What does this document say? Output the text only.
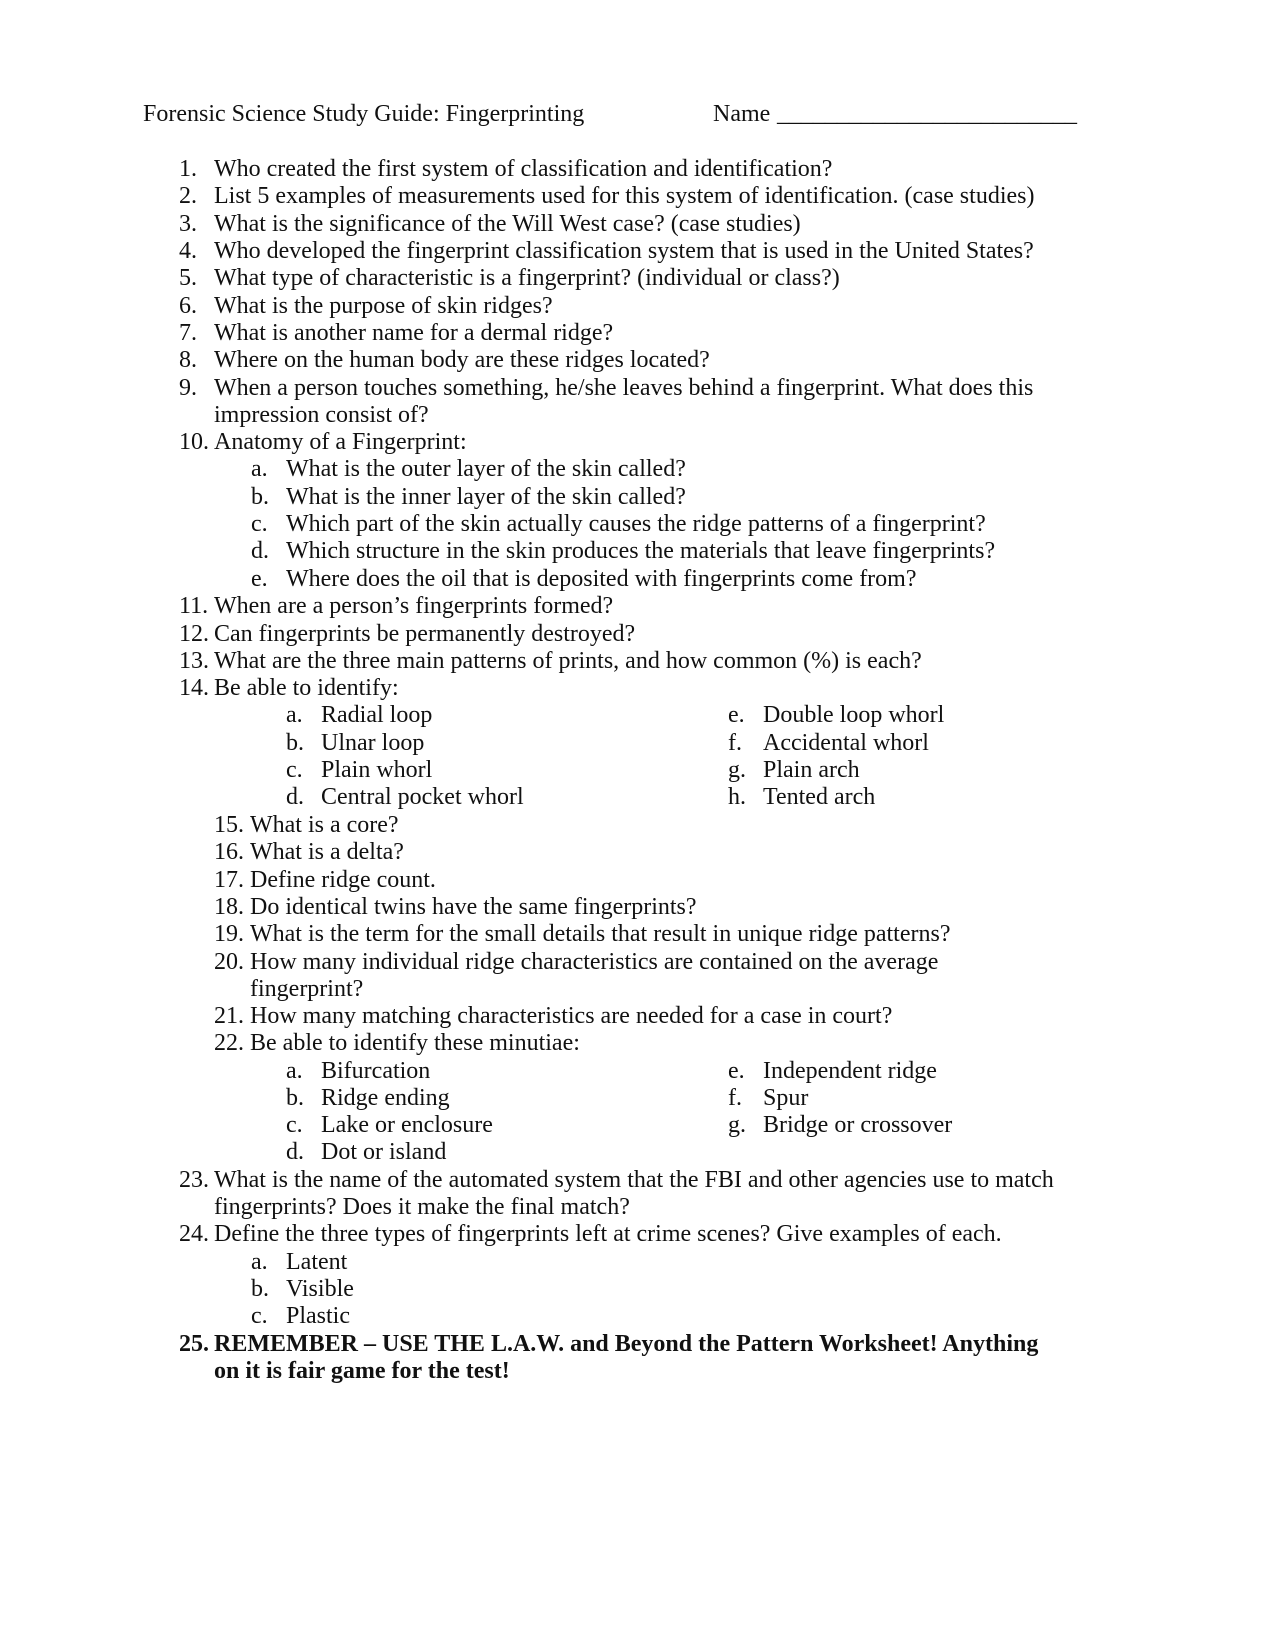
Forensic Science Study Guide: Fingerprinting	Name _________________________
1. Who created the first system of classification and identification?
2. List 5 examples of measurements used for this system of identification. (case studies)
3. What is the significance of the Will West case? (case studies)
4. Who developed the fingerprint classification system that is used in the United States?
5. What type of characteristic is a fingerprint? (individual or class?)
6. What is the purpose of skin ridges?
7. What is another name for a dermal ridge?
8. Where on the human body are these ridges located?
9. When a person touches something, he/she leaves behind a fingerprint. What does this
impression consist of?
10. Anatomy of a Fingerprint:
a. What is the outer layer of the skin called?
b. What is the inner layer of the skin called?
c. Which part of the skin actually causes the ridge patterns of a fingerprint?
d. Which structure in the skin produces the materials that leave fingerprints?
e. Where does the oil that is deposited with fingerprints come from?
11. When are a person’s fingerprints formed?
12. Can fingerprints be permanently destroyed?
13. What are the three main patterns of prints, and how common (%) is each?
14. Be able to identify:
a. Radial loop	e. Double loop whorl
b. Ulnar loop	f. Accidental whorl
c. Plain whorl	g. Plain arch
d. Central pocket whorl	h. Tented arch
15. What is a core?
16. What is a delta?
17. Define ridge count.
18. Do identical twins have the same fingerprints?
19. What is the term for the small details that result in unique ridge patterns?
20. How many individual ridge characteristics are contained on the average
fingerprint?
21. How many matching characteristics are needed for a case in court?
22. Be able to identify these minutiae:
a. Bifurcation	e. Independent ridge
b. Ridge ending	f. Spur
c. Lake or enclosure	g. Bridge or crossover
d. Dot or island
23. What is the name of the automated system that the FBI and other agencies use to match
fingerprints? Does it make the final match?
24. Define the three types of fingerprints left at crime scenes? Give examples of each.
a. Latent
b. Visible
c. Plastic
25. REMEMBER – USE THE L.A.W. and Beyond the Pattern Worksheet! Anything
on it is fair game for the test!
